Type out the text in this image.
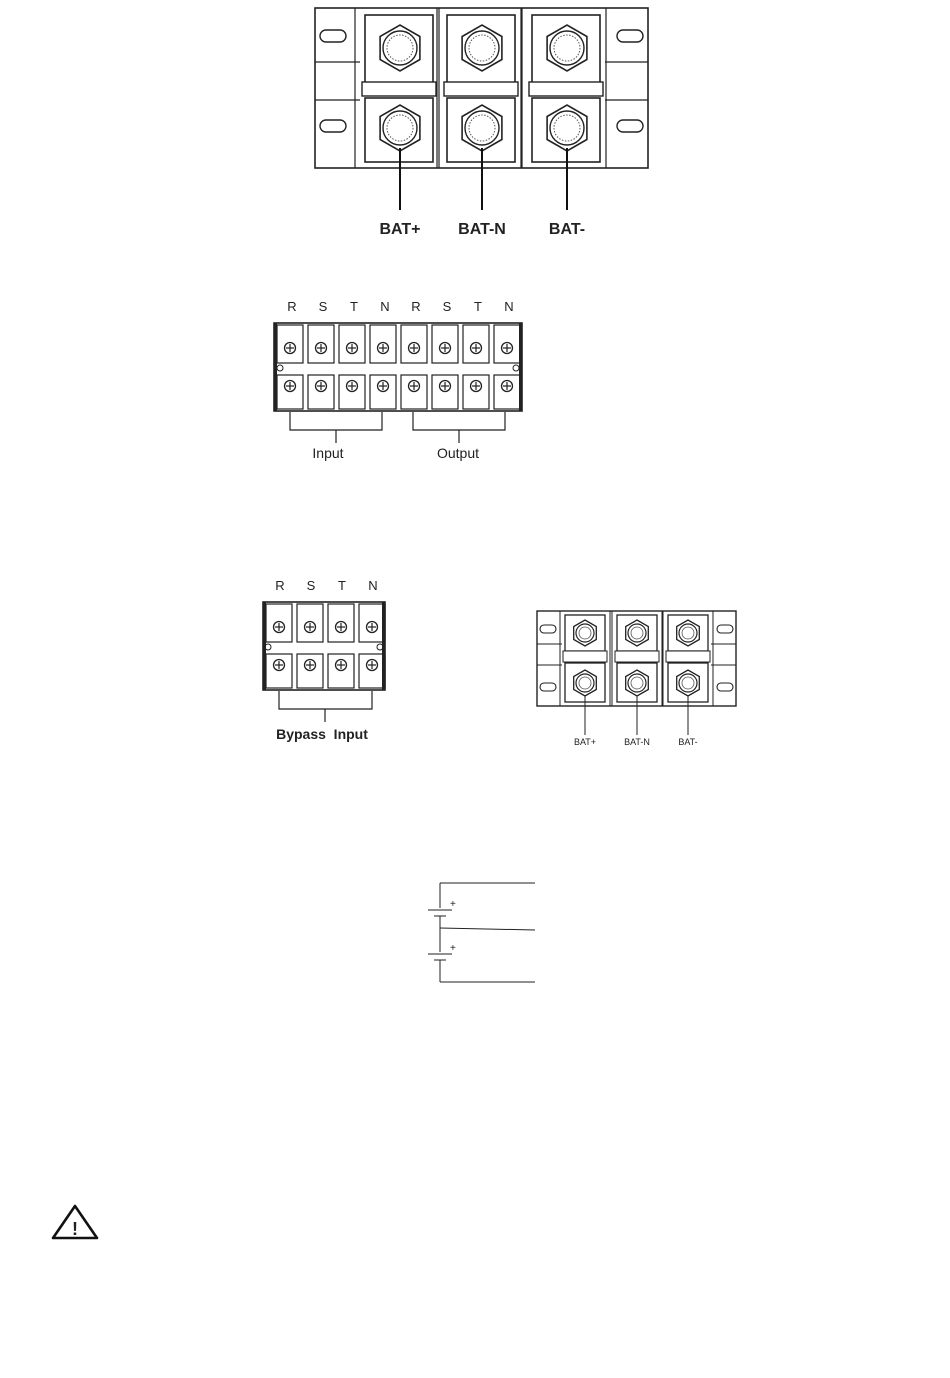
BAT+ BAT-N	BAT-
R S T N R S T N
Input	Output
R S T N
Bypass  Input	BAT+	BAT-N	BAT-
+
+
!
